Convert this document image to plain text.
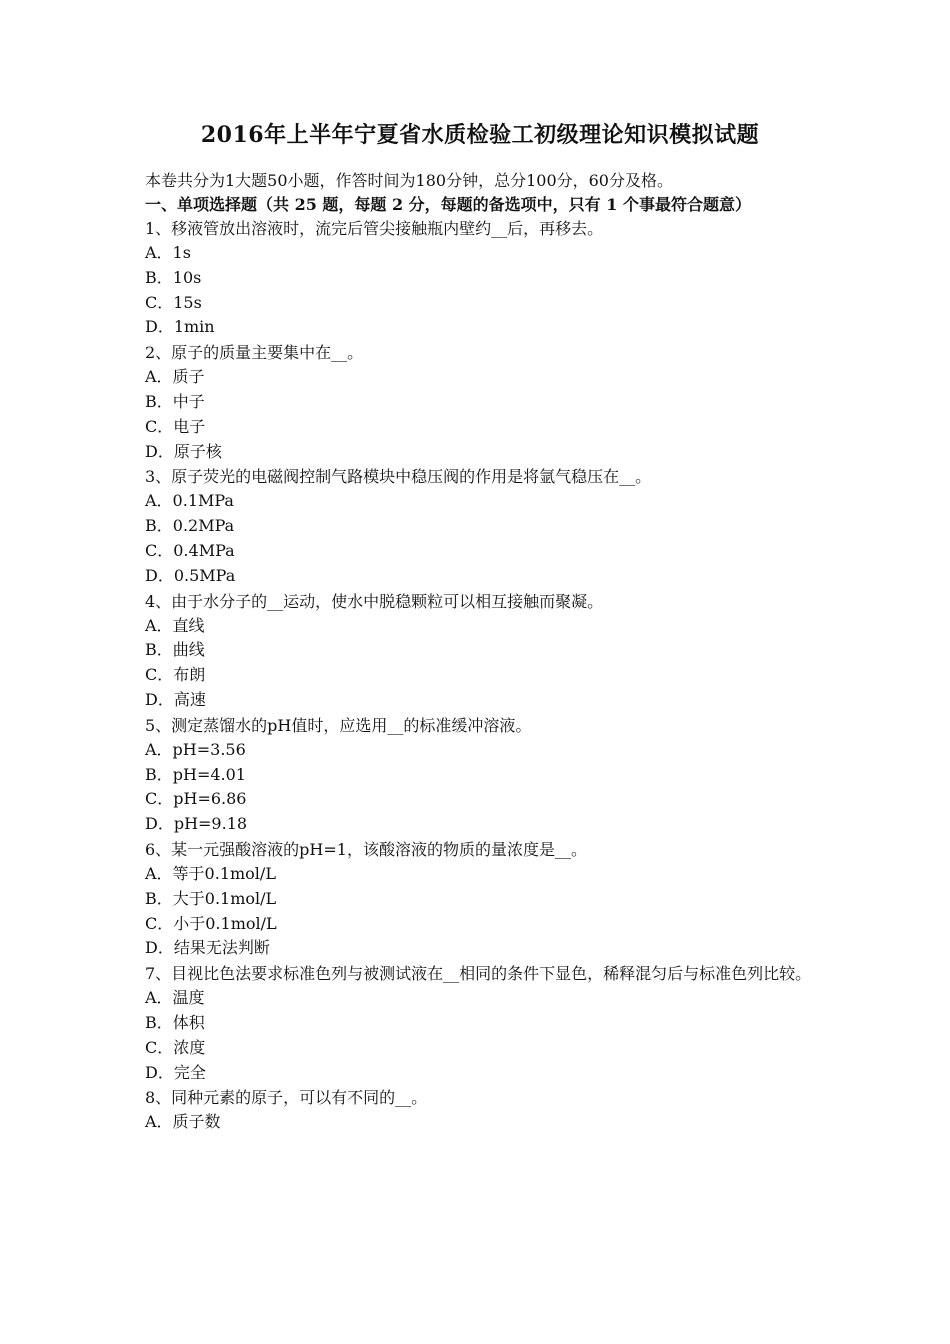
2016年上半年宁夏省水质检验工初级理论知识模拟试题

本卷共分为1大题50小题，作答时间为180分钟，总分100分，60分及格。

一、单项选择题（共 25 题，每题 2 分，每题的备选项中，只有 1 个事最符合题意）

1、移液管放出溶液时，流完后管尖接触瓶内壁约__后，再移去。

A．1s

B．10s

C．15s

D．1min

2、原子的质量主要集中在__。

A．质子

B．中子

C．电子

D．原子核

3、原子荧光的电磁阀控制气路模块中稳压阀的作用是将氩气稳压在__。

A．0.1MPa

B．0.2MPa

C．0.4MPa

D．0.5MPa

4、由于水分子的__运动，使水中脱稳颗粒可以相互接触而聚凝。

A．直线

B．曲线

C．布朗

D．高速

5、测定蒸馏水的pH值时，应选用__的标准缓冲溶液。

A．pH=3.56

B．pH=4.01

C．pH=6.86

D．pH=9.18

6、某一元强酸溶液的pH=1，该酸溶液的物质的量浓度是__。

A．等于0.1mol/L

B．大于0.1mol/L

C．小于0.1mol/L

D．结果无法判断

7、目视比色法要求标准色列与被测试液在__相同的条件下显色，稀释混匀后与标准色列比较。

A．温度

B．体积

C．浓度

D．完全

8、同种元素的原子，可以有不同的__。

A．质子数
